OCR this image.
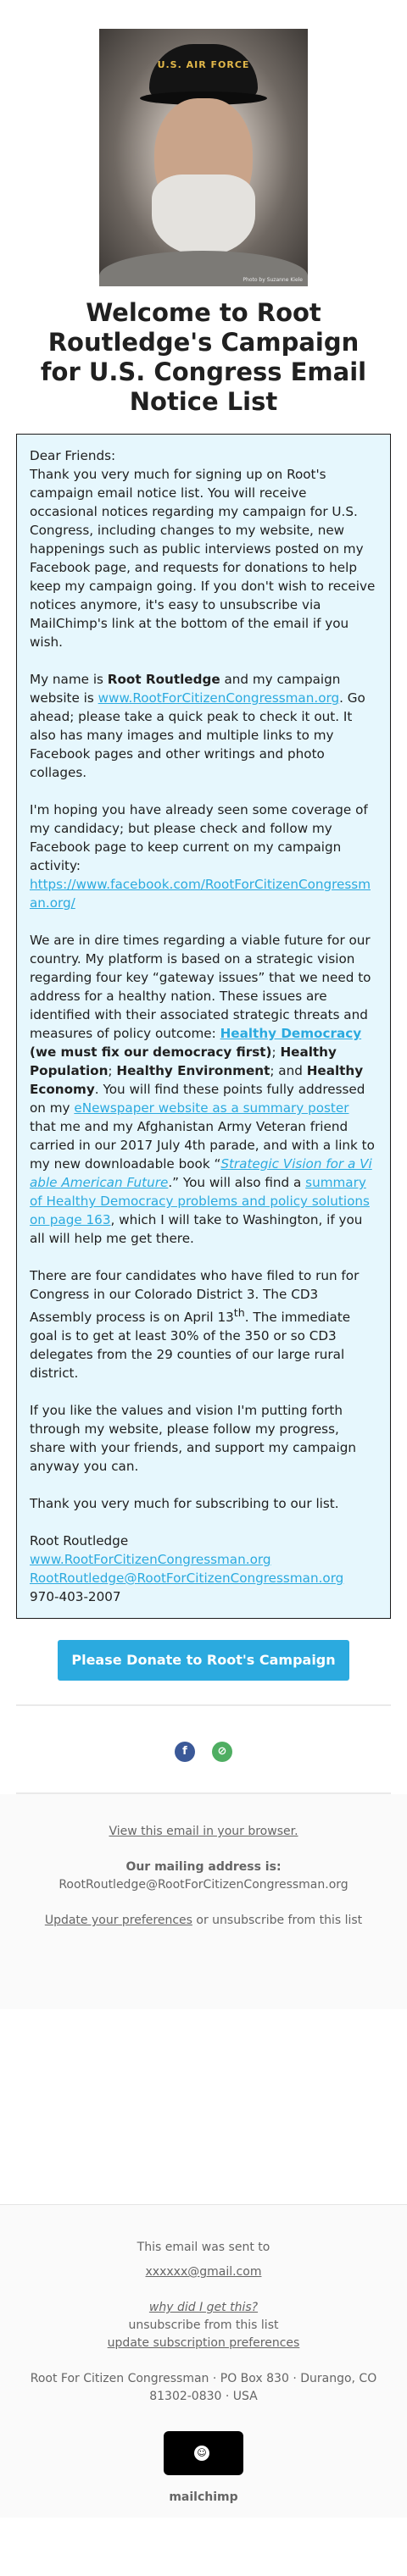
U.S. AIR FORCE
Photo by Suzanne Kiele
Welcome to Root Routledge's Campaign for U.S. Congress Email Notice List

Dear Friends:
Thank you very much for signing up on Root's campaign email notice list. You will receive occasional notices regarding my campaign for U.S. Congress, including changes to my website, new happenings such as public interviews posted on my Facebook page, and requests for donations to help keep my campaign going. If you don't wish to receive notices anymore, it's easy to unsubscribe via MailChimp's link at the bottom of the email if you wish.

My name is Root Routledge and my campaign website is www.RootForCitizenCongressman.org. Go ahead; please take a quick peak to check it out. It also has many images and multiple links to my Facebook pages and other writings and photo collages.

I'm hoping you have already seen some coverage of my candidacy; but please check and follow my Facebook page to keep current on my campaign activity:
https://www.facebook.com/RootForCitizenCongressman.org/

We are in dire times regarding a viable future for our country. My platform is based on a strategic vision regarding four key “gateway issues” that we need to address for a healthy nation. These issues are identified with their associated strategic threats and measures of policy outcome: Healthy Democracy (we must fix our democracy first); Healthy Population; Healthy Environment; and Healthy Economy. You will find these points fully addressed on my eNewspaper website as a summary poster that me and my Afghanistan Army Veteran friend carried in our 2017 July 4th parade, and with a link to my new downloadable book “Strategic Vision for a Viable American Future.” You will also find a summary of Healthy Democracy problems and policy solutions on page 163, which I will take to Washington, if you all will help me get there.

There are four candidates who have filed to run for Congress in our Colorado District 3. The CD3 Assembly process is on April 13th. The immediate goal is to get at least 30% of the 350 or so CD3 delegates from the 29 counties of our large rural district.

If you like the values and vision I'm putting forth through my website, please follow my progress, share with your friends, and support my campaign anyway you can.

Thank you very much for subscribing to our list.

Root Routledge
www.RootForCitizenCongressman.org
RootRoutledge@RootForCitizenCongressman.org
970-403-2007

Please Donate to Root's Campaign
f	⊘
View this email in your browser.
Our mailing address is:
RootRoutledge@RootForCitizenCongressman.org
Update your preferences or unsubscribe from this list
This email was sent to
xxxxxx@gmail.com
why did I get this?
unsubscribe from this list
update subscription preferences
Root For Citizen Congressman · PO Box 830 · Durango, CO 81302-0830 · USA
☺mailchimp
